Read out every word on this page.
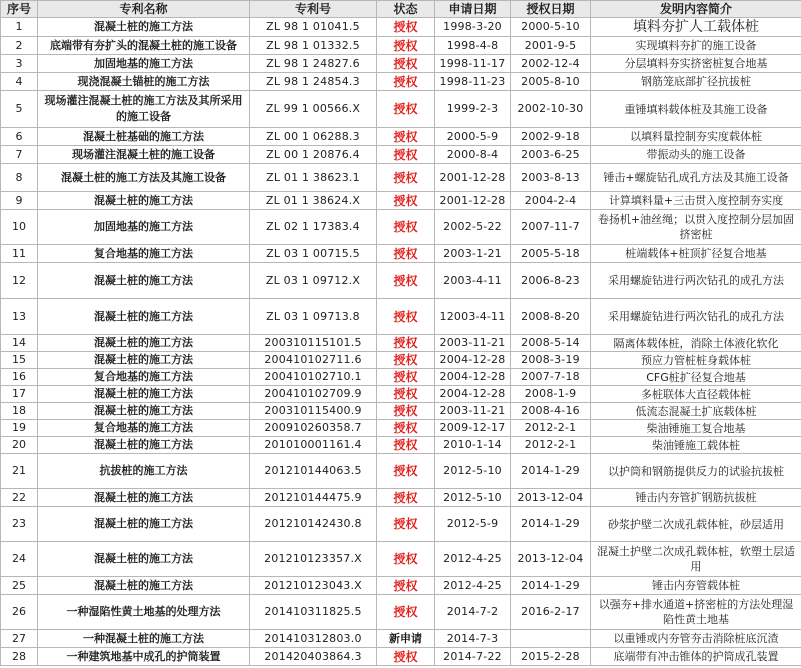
序号	专利名称	专利号	状态	申请日期	授权日期	发明内容简介
1	混凝土桩的施工方法	ZL 98 1 01041.5	授权	1998-3-20	2000-5-10	填料夯扩人工载体桩
2	底端带有夯扩头的混凝土桩的施工设备	ZL 98 1 01332.5	授权	1998-4-8	2001-9-5	实现填料夯扩的施工设备
3	加固地基的施工方法	ZL 98 1 24827.6	授权	1998-11-17	2002-12-4	分层填料夯实挤密桩复合地基
4	现浇混凝土锚桩的施工方法	ZL 98 1 24854.3	授权	1998-11-23	2005-8-10	钢筋笼底部扩径抗拔桩
5	现场灌注混凝土桩的施工方法及其所采用的施工设备	ZL 99 1 00566.X	授权	1999-2-3	2002-10-30	重锤填料载体桩及其施工设备
6	混凝土桩基础的施工方法	ZL 00 1 06288.3	授权	2000-5-9	2002-9-18	以填料量控制夯实度载体桩
7	现场灌注混凝土桩的施工设备	ZL 00 1 20876.4	授权	2000-8-4	2003-6-25	带振动头的施工设备
8	混凝土桩的施工方法及其施工设备	ZL 01 1 38623.1	授权	2001-12-28	2003-8-13	锤击+螺旋钻孔成孔方法及其施工设备
9	混凝土桩的施工方法	ZL 01 1 38624.X	授权	2001-12-28	2004-2-4	计算填料量+三击贯入度控制夯实度
10	加固地基的施工方法	ZL 02 1 17383.4	授权	2002-5-22	2007-11-7	卷扬机+油丝绳；以贯入度控制分层加固挤密桩
11	复合地基的施工方法	ZL 03 1 00715.5	授权	2003-1-21	2005-5-18	桩端载体+桩顶扩径复合地基
12	混凝土桩的施工方法	ZL 03 1 09712.X	授权	2003-4-11	2006-8-23	采用螺旋钻进行两次钻孔的成孔方法
13	混凝土桩的施工方法	ZL 03 1 09713.8	授权	12003-4-11	2008-8-20	采用螺旋钻进行两次钻孔的成孔方法
14	混凝土桩的施工方法	200310115101.5	授权	2003-11-21	2008-5-14	隔离体载体桩，消除土体液化软化
15	混凝土桩的施工方法	200410102711.6	授权	2004-12-28	2008-3-19	预应力管桩桩身载体桩
16	复合地基的施工方法	200410102710.1	授权	2004-12-28	2007-7-18	CFG桩扩径复合地基
17	混凝土桩的施工方法	200410102709.9	授权	2004-12-28	2008-1-9	多桩联体大直径载体桩
18	混凝土桩的施工方法	200310115400.9	授权	2003-11-21	2008-4-16	低流态混凝土扩底载体桩
19	复合地基的施工方法	200910260358.7	授权	2009-12-17	2012-2-1	柴油锤施工复合地基
20	混凝土桩的施工方法	201010001161.4	授权	2010-1-14	2012-2-1	柴油锤施工载体桩
21	抗拔桩的施工方法	201210144063.5	授权	2012-5-10	2014-1-29	以护筒和钢筋提供反力的试验抗拔桩
22	混凝土桩的施工方法	201210144475.9	授权	2012-5-10	2013-12-04	锤击内夯管扩钢筋抗拔桩
23	混凝土桩的施工方法	201210142430.8	授权	2012-5-9	2014-1-29	砂浆护壁二次成孔载体桩，砂层适用
24	混凝土桩的施工方法	201210123357.X	授权	2012-4-25	2013-12-04	混凝土护壁二次成孔载体桩，软塑土层适用
25	混凝土桩的施工方法	201210123043.X	授权	2012-4-25	2014-1-29	锤击内夯管载体桩
26	一种湿陷性黄土地基的处理方法	201410311825.5	授权	2014-7-2	2016-2-17	以强夯+排水通道+挤密桩的方法处理湿陷性黄土地基
27	一种混凝土桩的施工方法	201410312803.0	新申请	2014-7-3		以重锤或内夯管夯击消除桩底沉渣
28	一种建筑地基中成孔的护筒装置	201420403864.3	授权	2014-7-22	2015-2-28	底端带有冲击锥体的护筒成孔装置
